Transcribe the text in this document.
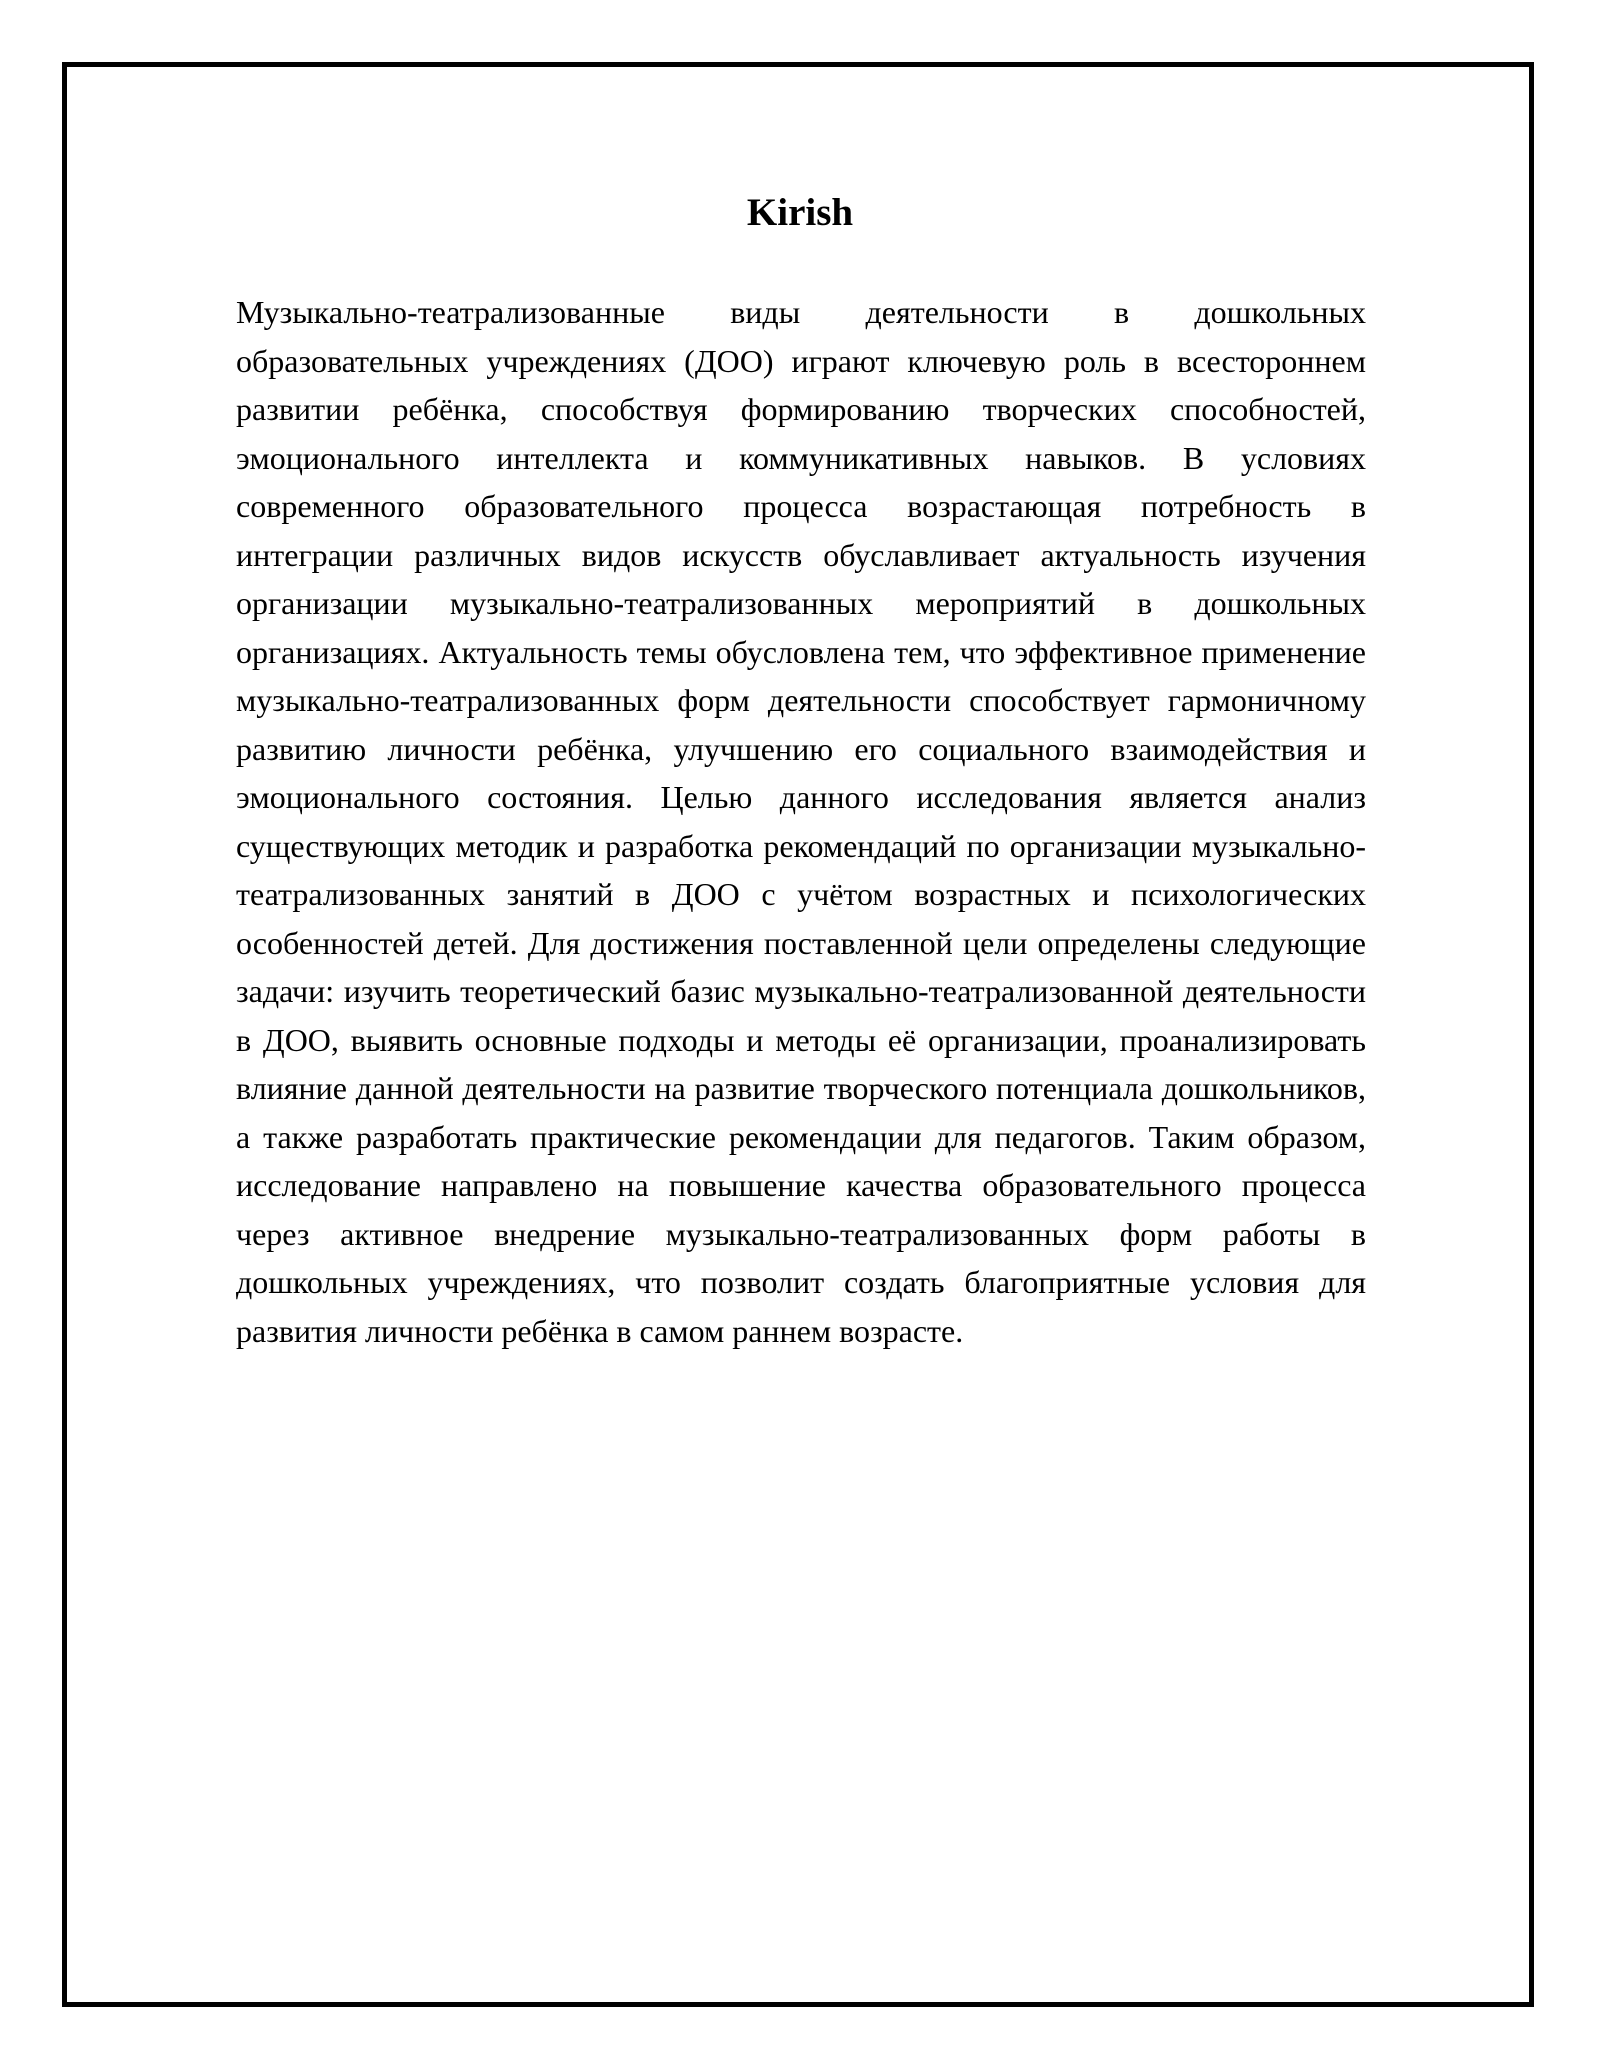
Kirish

Музыкально-театрализованные виды деятельности в дошкольных образовательных учреждениях (ДОО) играют ключевую роль в всестороннем развитии ребёнка, способствуя формированию творческих способностей, эмоционального интеллекта и коммуникативных навыков. В условиях современного образовательного процесса возрастающая потребность в интеграции различных видов искусств обуславливает актуальность изучения организации музыкально-театрализованных мероприятий в дошкольных организациях. Актуальность темы обусловлена тем, что эффективное применение музыкально-театрализованных форм деятельности способствует гармоничному развитию личности ребёнка, улучшению его социального взаимодействия и эмоционального состояния. Целью данного исследования является анализ существующих методик и разработка рекомендаций по организации музыкально-театрализованных занятий в ДОО с учётом возрастных и психологических особенностей детей. Для достижения поставленной цели определены следующие задачи: изучить теоретический базис музыкально-театрализованной деятельности в ДОО, выявить основные подходы и методы её организации, проанализировать влияние данной деятельности на развитие творческого потенциала дошкольников, а также разработать практические рекомендации для педагогов. Таким образом, исследование направлено на повышение качества образовательного процесса через активное внедрение музыкально-театрализованных форм работы в дошкольных учреждениях, что позволит создать благоприятные условия для развития личности ребёнка в самом раннем возрасте.
